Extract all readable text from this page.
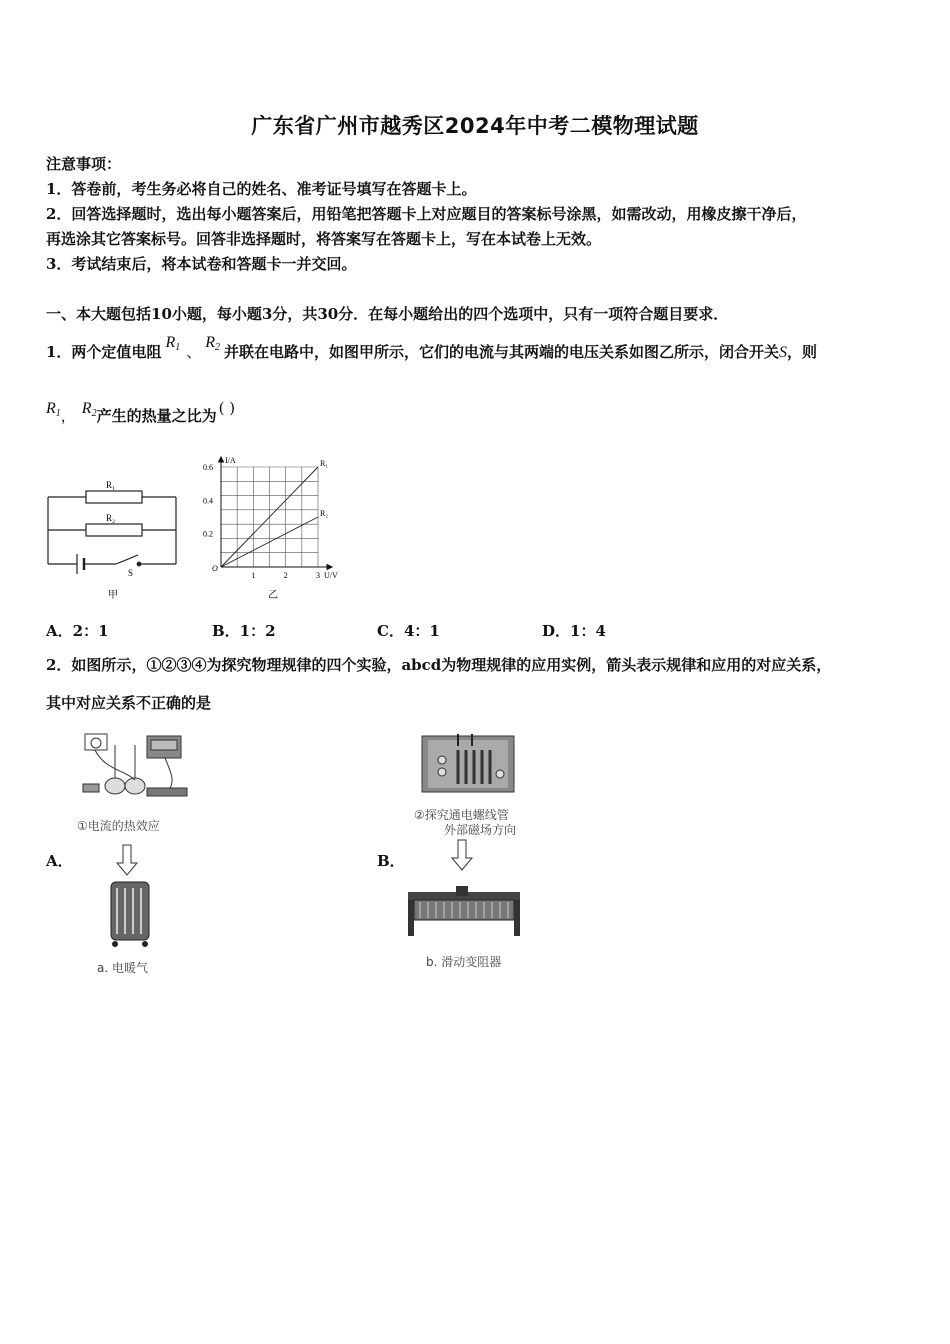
广东省广州市越秀区2024年中考二模物理试题
注意事项：
1．答卷前，考生务必将自己的姓名、准考证号填写在答题卡上。
2．回答选择题时，选出每小题答案后，用铅笔把答题卡上对应题目的答案标号涂黑，如需改动，用橡皮擦干净后，
再选涂其它答案标号。回答非选择题时，将答案写在答题卡上，写在本试卷上无效。
3．考试结束后，将本试卷和答题卡一并交回。
一、本大题包括10小题，每小题3分，共30分．在每小题给出的四个选项中，只有一项符合题目要求．
1．两个定值电阻$R_1$ 、$R_2$ 并联在电路中，如图甲所示，它们的电流与其两端的电压关系如图乙所示，闭合开关S，则
$R_1$， $R_2$产生的热量之比为 ( )
R₁
R₂
S
甲
R₁
R₂
1	2	3
0.2
0.4
0.6
O
U/V
I/A
乙
A．2：1	B．1：2	C．4：1	D．1：4
2．如图所示，①②③④为探究物理规律的四个实验，abcd为物理规律的应用实例，箭头表示规律和应用的对应关系，
其中对应关系不正确的是
A．
①电流的热效应
a. 电暖气
B．
②探究通电螺线管
外部磁场方向
b. 滑动变阻器
